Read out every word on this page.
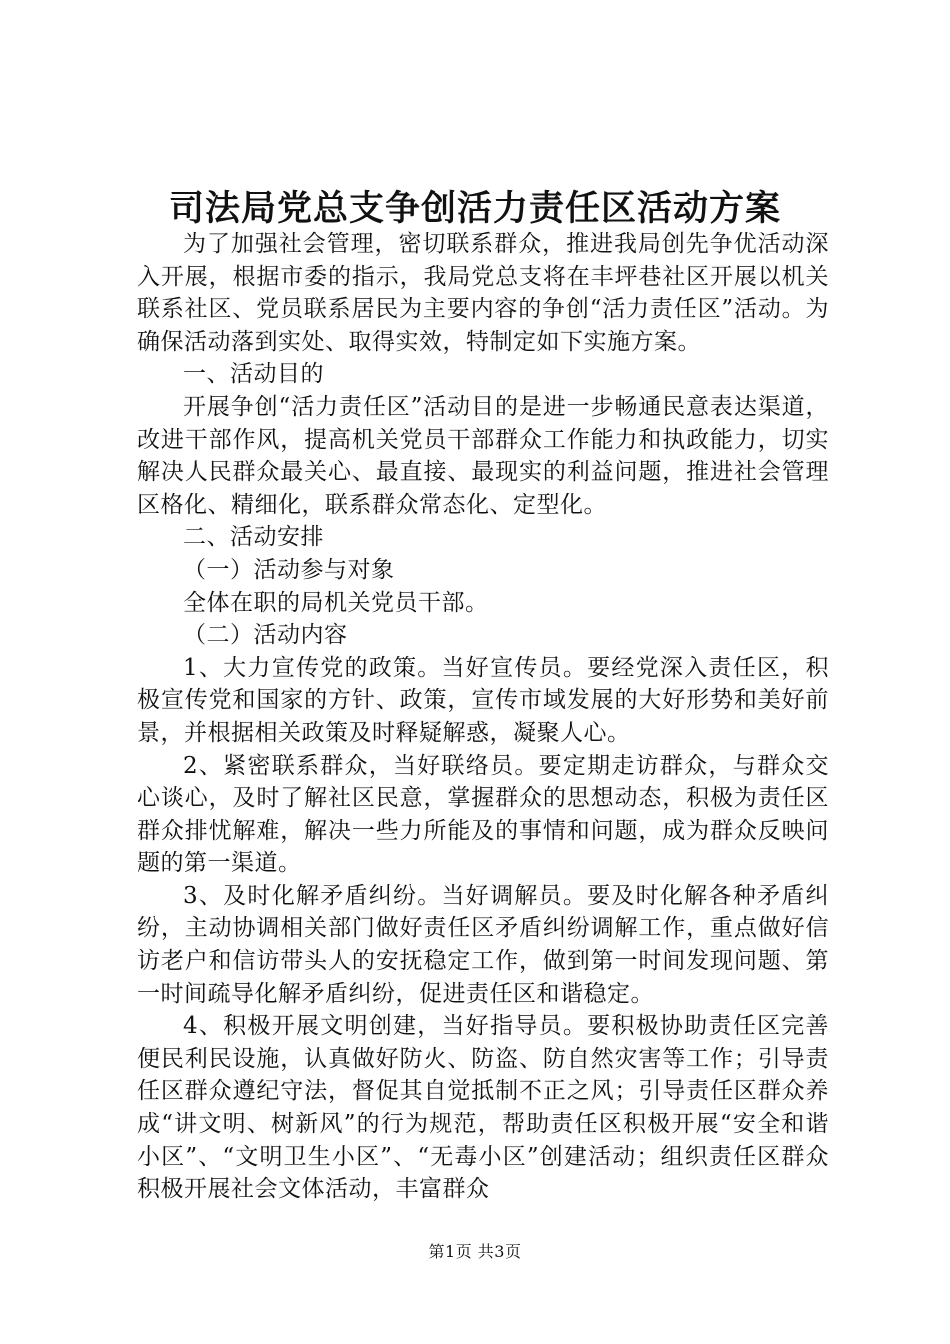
司法局党总支争创活力责任区活动方案

为了加强社会管理，密切联系群众，推进我局创先争优活动深入开展，根据市委的指示，我局党总支将在丰坪巷社区开展以机关联系社区、党员联系居民为主要内容的争创“活力责任区”活动。为确保活动落到实处、取得实效，特制定如下实施方案。

一、活动目的

开展争创“活力责任区”活动目的是进一步畅通民意表达渠道，改进干部作风，提高机关党员干部群众工作能力和执政能力，切实解决人民群众最关心、最直接、最现实的利益问题，推进社会管理区格化、精细化，联系群众常态化、定型化。

二、活动安排

（一）活动参与对象

全体在职的局机关党员干部。

（二）活动内容

1、大力宣传党的政策。当好宣传员。要经党深入责任区，积极宣传党和国家的方针、政策，宣传市域发展的大好形势和美好前景，并根据相关政策及时释疑解惑，凝聚人心。

2、紧密联系群众，当好联络员。要定期走访群众，与群众交心谈心，及时了解社区民意，掌握群众的思想动态，积极为责任区群众排忧解难，解决一些力所能及的事情和问题，成为群众反映问题的第一渠道。

3、及时化解矛盾纠纷。当好调解员。要及时化解各种矛盾纠纷，主动协调相关部门做好责任区矛盾纠纷调解工作，重点做好信访老户和信访带头人的安抚稳定工作，做到第一时间发现问题、第一时间疏导化解矛盾纠纷，促进责任区和谐稳定。

4、积极开展文明创建，当好指导员。要积极协助责任区完善便民利民设施，认真做好防火、防盗、防自然灾害等工作；引导责任区群众遵纪守法，督促其自觉抵制不正之风；引导责任区群众养成“讲文明、树新风”的行为规范，帮助责任区积极开展“安全和谐小区”、“文明卫生小区”、“无毒小区”创建活动；组织责任区群众积极开展社会文体活动，丰富群众

第1页 共3页
